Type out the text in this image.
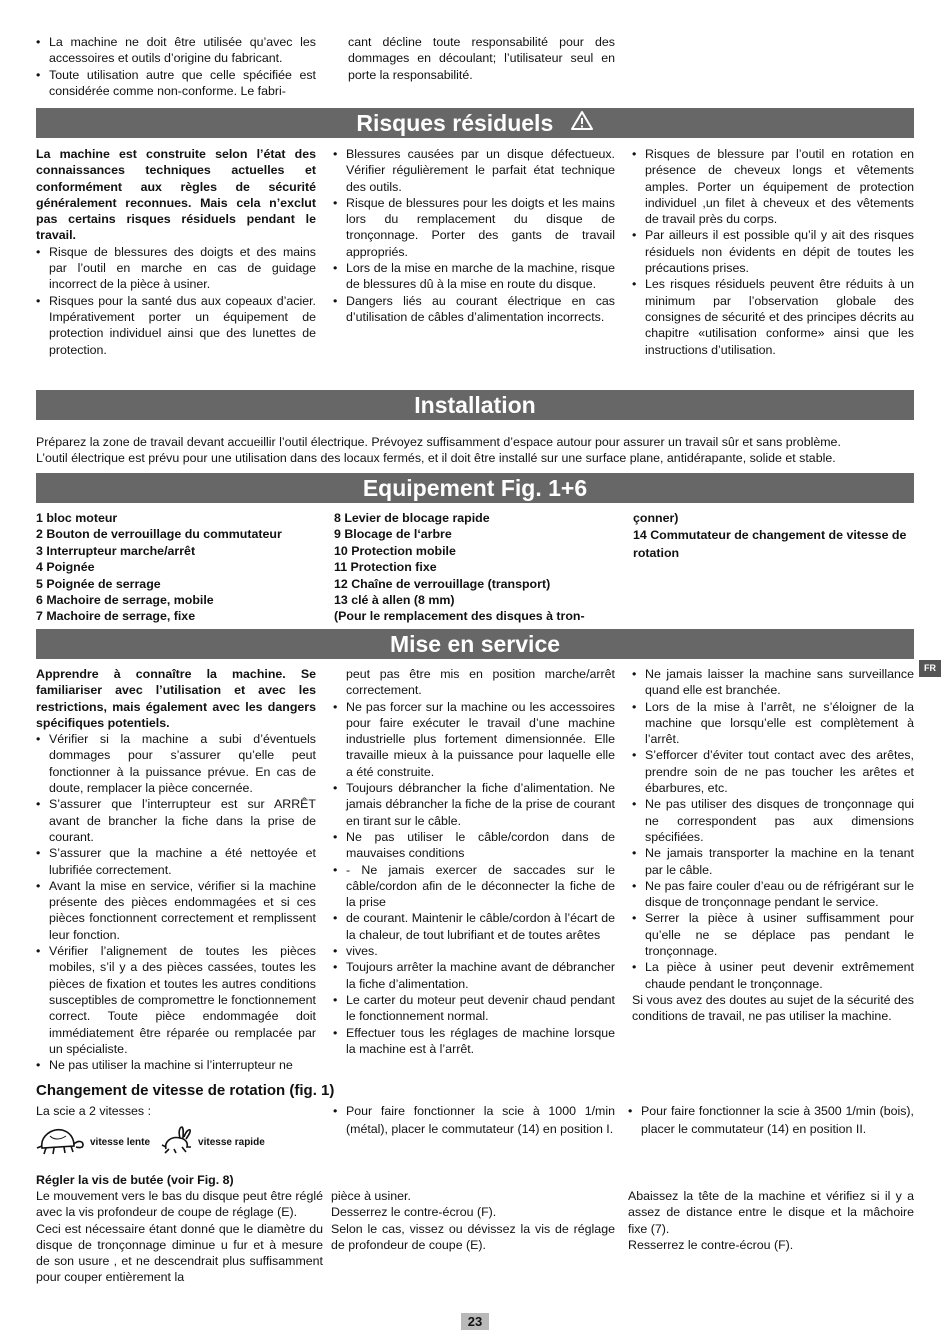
• La machine ne doit être utilisée qu’avec les accessoires et outils d’origine du fabricant.
• Toute utilisation autre que celle spécifiée est considérée comme non-conforme. Le fabri-
cant décline toute responsabilité pour des dommages en découlant; l’utilisateur seul en porte la responsabilité.
Risques résiduels

La machine est construite selon l’état des connaissances techniques actuelles et conformément aux règles de sécurité généralement reconnues. Mais cela n’exclut pas certains risques résiduels pendant le travail.

• Risque de blessures des doigts et des mains par l’outil en marche en cas de guidage incorrect de la pièce à usiner.
• Risques pour la santé dus aux copeaux d’acier. Impérativement porter un équipement de protection individuel ainsi que des lunettes de protection.
• Blessures causées par un disque défectueux. Vérifier régulièrement le parfait état technique des outils.
• Risque de blessures pour les doigts et les mains lors du remplacement du disque de tronçonnage. Porter des gants de travail appropriés.
• Lors de la mise en marche de la machine, risque de blessures dû à la mise en route du disque.
• Dangers liés au courant électrique en cas d’utilisation de câbles d’alimentation incorrects.
• Risques de blessure par l’outil en rotation en présence de cheveux longs et vêtements amples. Porter un équipement de protection individuel ,un filet à cheveux et des vêtements de travail près du corps.
• Par ailleurs il est possible qu’il y ait des risques résiduels non évidents en dépit de toutes les précautions prises.
• Les risques résiduels peuvent être réduits à un minimum par l’observation globale des consignes de sécurité et des principes décrits au chapitre «utilisation conforme» ainsi que les instructions d’utilisation.
Installation
Préparez la zone de travail devant accueillir l’outil électrique. Prévoyez suffisamment d’espace autour pour assurer un travail sûr et sans problème.
L’outil électrique est prévu pour une utilisation dans des locaux fermés, et il doit être installé sur une surface plane, antidérapante, solide et stable.
Equipement Fig. 1+6
1 bloc moteur
2 Bouton de verrouillage du commutateur
3 Interrupteur marche/arrêt
4 Poignée
5 Poignée de serrage
6 Machoire de serrage, mobile
7 Machoire de serrage, fixe
8 Levier de blocage rapide
9 Blocage de l‘arbre
10 Protection mobile
11 Protection fixe
12 Chaîne de verrouillage (transport)
13 clé à allen (8 mm)
(Pour le remplacement des disques à tron-
çonner)
14 Commutateur de changement de vitesse de rotation
Mise en service

Apprendre à connaître la machine. Se familiariser avec l’utilisation et avec les restrictions, mais également avec les dangers spécifiques potentiels.

• Vérifier si la machine a subi d’éventuels dommages pour s’assurer qu’elle peut fonctionner à la puissance prévue. En cas de doute, remplacer la pièce concernée.
• S’assurer que l’interrupteur est sur ARRÊT avant de brancher la fiche dans la prise de courant.
• S’assurer que la machine a été nettoyée et lubrifiée correctement.
• Avant la mise en service, vérifier si la machine présente des pièces endommagées et si ces pièces fonctionnent correctement et remplissent leur fonction.
• Vérifier l’alignement de toutes les pièces mobiles, s’il y a des pièces cassées, toutes les pièces de fixation et toutes les autres conditions susceptibles de compromettre le fonctionnement correct. Toute pièce endommagée doit immédiatement être réparée ou remplacée par un spécialiste.
• Ne pas utiliser la machine si l’interrupteur ne

peut pas être mis en position marche/arrêt correctement.

• Ne pas forcer sur la machine ou les accessoires pour faire exécuter le travail d’une machine industrielle plus fortement dimensionnée. Elle travaille mieux à la puissance pour laquelle elle a été construite.
• Toujours débrancher la fiche d’alimentation. Ne jamais débrancher la fiche de la prise de courant en tirant sur le câble.
• Ne pas utiliser le câble/cordon dans de mauvaises conditions
• - Ne jamais exercer de saccades sur le câble/cordon afin de le déconnecter la fiche de la prise
• de courant. Maintenir le câble/cordon à l’écart de la chaleur, de tout lubrifiant et de toutes arêtes
• vives.
• Toujours arrêter la machine avant de débrancher la fiche d’alimentation.
• Le carter du moteur peut devenir chaud pendant le fonctionnement normal.
• Effectuer tous les réglages de machine lorsque la machine est à l’arrêt.
• Ne jamais laisser la machine sans surveillance quand elle est branchée.
• Lors de la mise à l’arrêt, ne s’éloigner de la machine que lorsqu’elle est complètement à l’arrêt.
• S’efforcer d’éviter tout contact avec des arêtes, prendre soin de ne pas toucher les arêtes et ébarbures, etc.
• Ne pas utiliser des disques de tronçonnage qui ne correspondent pas aux dimensions spécifiées.
• Ne jamais transporter la machine en la tenant par le câble.
• Ne pas faire couler d’eau ou de réfrigérant sur le disque de tronçonnage pendant le service.
• Serrer la pièce à usiner suffisamment pour qu’elle ne se déplace pas pendant le tronçonnage.
• La pièce à usiner peut devenir extrêmement chaude pendant le tronçonnage.

Si vous avez des doutes au sujet de la sécurité des conditions de travail, ne pas utiliser la machine.

FR
Changement de vitesse de rotation (fig. 1)
La scie a 2 vitesses :
vitesse lente	vitesse rapide
• Pour faire fonctionner la scie à 1000 1/min (métal), placer le commutateur (14) en position I.
• Pour faire fonctionner la scie à 3500 1/min (bois), placer le commutateur (14) en position II.
Régler la vis de butée (voir Fig. 8)

Le mouvement vers le bas du disque peut être réglé avec la vis profondeur de coupe de réglage (E).

Ceci est nécessaire étant donné que le diamètre du disque de tronçonnage diminue u fur et à mesure de son usure , et ne descendrait plus suffisamment pour couper entièrement la

pièce à usiner.

Desserrez le contre-écrou (F).

Selon le cas, vissez ou dévissez la vis de réglage de profondeur de coupe (E).

Abaissez la tête de la machine et vérifiez si il y a assez de distance entre le disque et la mâchoire fixe (7).

Resserrez le contre-écrou (F).

23
